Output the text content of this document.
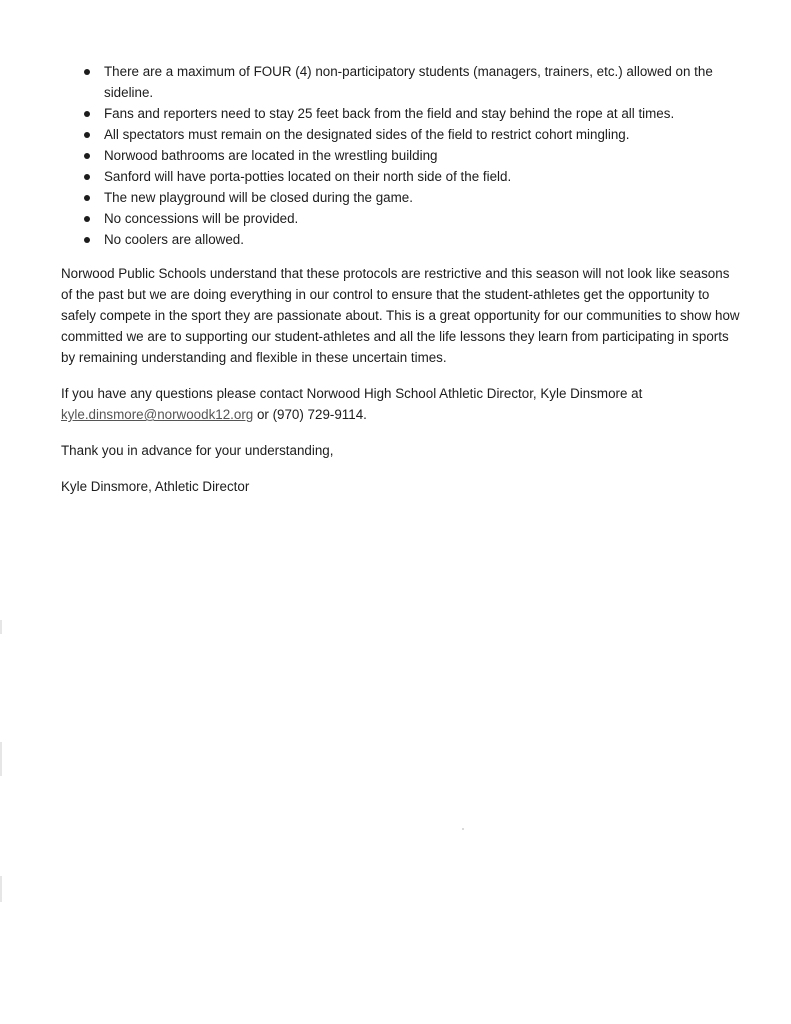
There are a maximum of FOUR (4) non-participatory students (managers, trainers, etc.) allowed on the sideline.
Fans and reporters need to stay 25 feet back from the field and stay behind the rope at all times.
All spectators must remain on the designated sides of the field to restrict cohort mingling.
Norwood bathrooms are located in the wrestling building
Sanford will have porta-potties located on their north side of the field.
The new playground will be closed during the game.
No concessions will be provided.
No coolers are allowed.

Norwood Public Schools understand that these protocols are restrictive and this season will not look like seasons of the past but we are doing everything in our control to ensure that the student-athletes get the opportunity to safely compete in the sport they are passionate about. This is a great opportunity for our communities to show how committed we are to supporting our student-athletes and all the life lessons they learn from participating in sports by remaining understanding and flexible in these uncertain times.

If you have any questions please contact Norwood High School Athletic Director, Kyle Dinsmore at
kyle.dinsmore@norwoodk12.org or (970) 729-9114.

Thank you in advance for your understanding,

Kyle Dinsmore, Athletic Director
